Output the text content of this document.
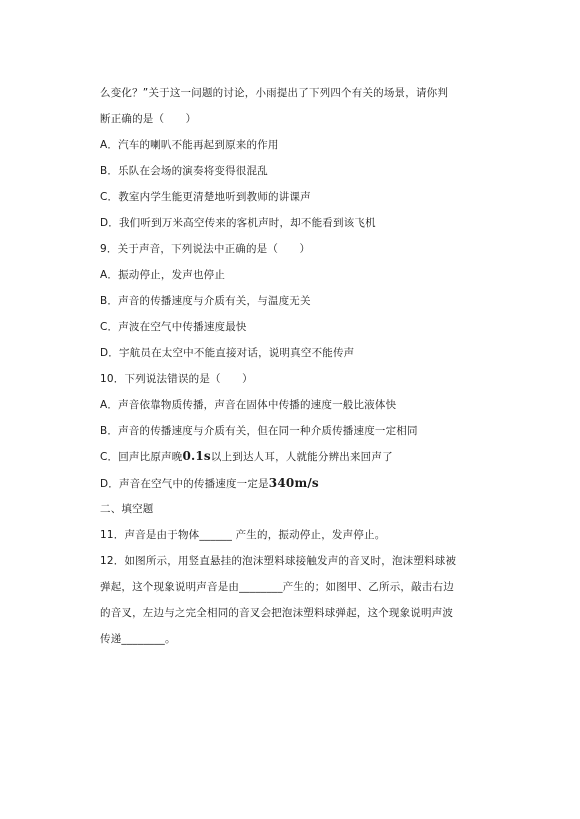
么变化？”关于这一问题的讨论，小雨提出了下列四个有关的场景，请你判
断正确的是（　　）
A．汽车的喇叭不能再起到原来的作用
B．乐队在会场的演奏将变得很混乱
C．教室内学生能更清楚地听到教师的讲课声
D．我们听到万米高空传来的客机声时，却不能看到该飞机
9．关于声音，下列说法中正确的是（　　）
A．振动停止，发声也停止
B．声音的传播速度与介质有关，与温度无关
C．声波在空气中传播速度最快
D．宇航员在太空中不能直接对话，说明真空不能传声
10．下列说法错误的是（　　）
A．声音依靠物质传播，声音在固体中传播的速度一般比液体快
B．声音的传播速度与介质有关，但在同一种介质传播速度一定相同
C．回声比原声晚0.1s以上到达人耳，人就能分辨出来回声了
D．声音在空气中的传播速度一定是340m/s
二、填空题
11．声音是由于物体______ 产生的，振动停止，发声停止。
12．如图所示，用竖直悬挂的泡沫塑料球接触发声的音叉时，泡沫塑料球被
弹起，这个现象说明声音是由________产生的；如图甲、乙所示，敲击右边
的音叉，左边与之完全相同的音叉会把泡沫塑料球弹起，这个现象说明声波
传递________。
